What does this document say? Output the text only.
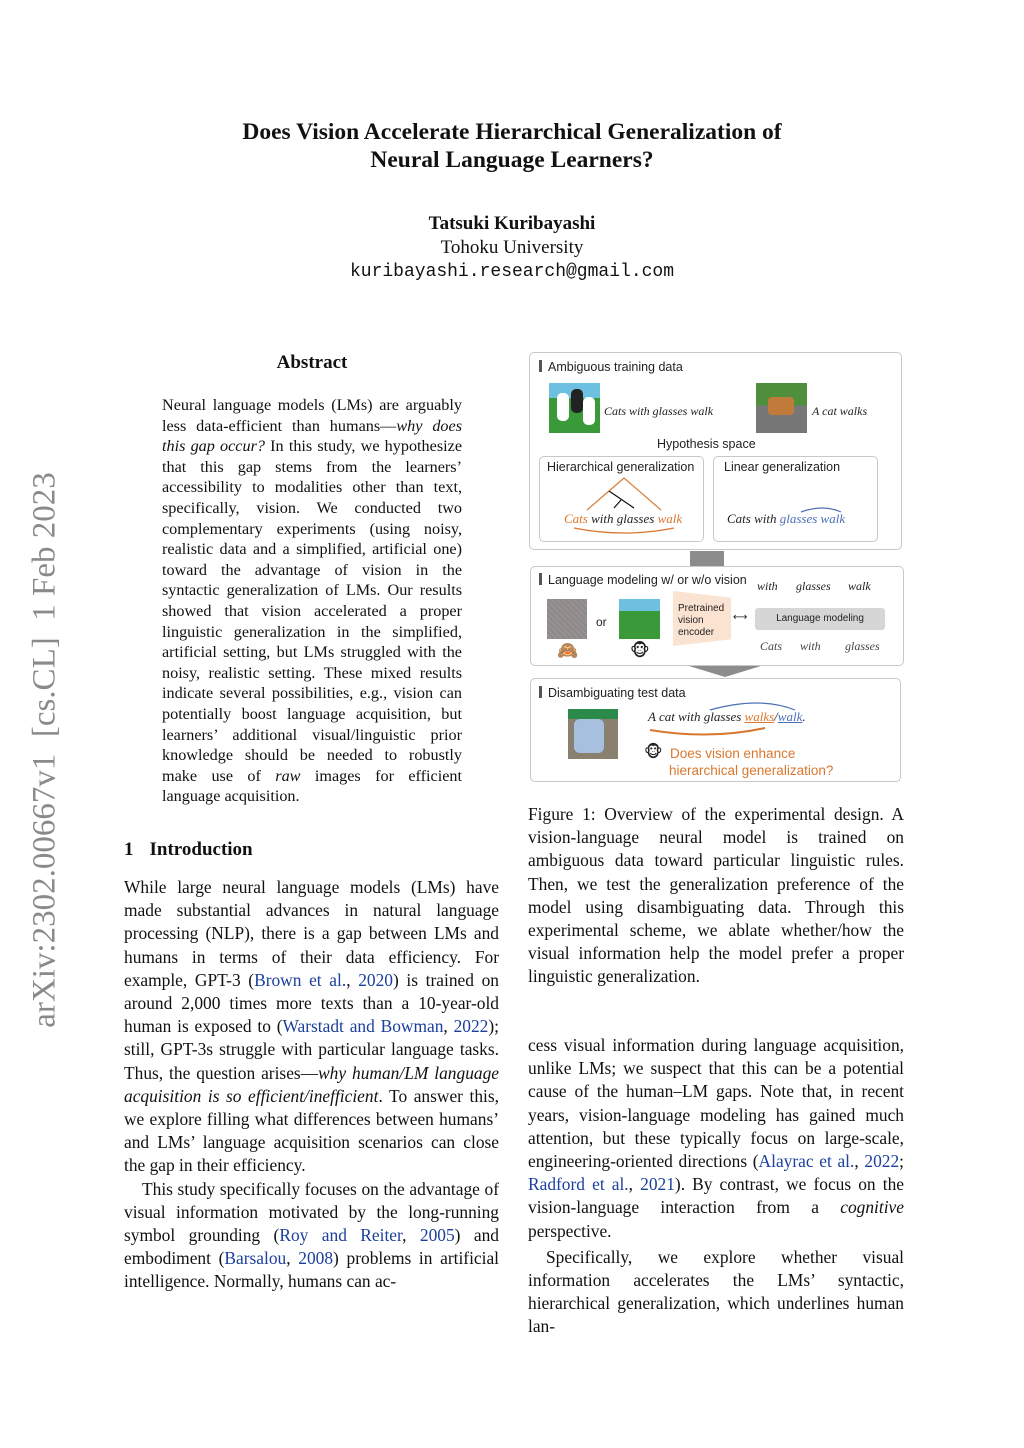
arXiv:2302.00667v1  [cs.CL]  1 Feb 2023
Does Vision Accelerate Hierarchical Generalization of
Neural Language Learners?
Tatsuki Kuribayashi
Tohoku University
kuribayashi.research@gmail.com
Abstract
Neural language models (LMs) are arguably less data-efficient than humans—why does this gap occur? In this study, we hypothesize that this gap stems from the learners’ accessibility to modalities other than text, specifically, vision. We conducted two complementary experiments (using noisy, realistic data and a simplified, artificial one) toward the advantage of vision in the syntactic generalization of LMs. Our results showed that vision accelerated a proper linguistic generalization in the simplified, artificial setting, but LMs struggled with the noisy, realistic setting. These mixed results indicate several possibilities, e.g., vision can potentially boost language acquisition, but learners’ additional visual/linguistic prior knowledge should be needed to robustly make use of raw images for efficient language acquisition.
1 Introduction

While large neural language models (LMs) have made substantial advances in natural language processing (NLP), there is a gap between LMs and humans in terms of their data efficiency. For example, GPT-3 (Brown et al., 2020) is trained on around 2,000 times more texts than a 10-year-old human is exposed to (Warstadt and Bowman, 2022); still, GPT-3s struggle with particular language tasks. Thus, the question arises—why human/LM language acquisition is so efficient/inefficient. To answer this, we explore filling what differences between humans’ and LMs’ language acquisition scenarios can close the gap in their efficiency.

This study specifically focuses on the advantage of visual information motivated by the long-running symbol grounding (Roy and Reiter, 2005) and embodiment (Barsalou, 2008) problems in artificial intelligence. Normally, humans can ac-

Ambiguous training data
Cats with glasses walk	A cat walks
Hypothesis space
Hierarchical generalization
Cats with glasses walk
Linear generalization
Cats with glasses walk
Language modeling w/ or w/o vision
or
🙈	🐵
Pretrained vision encoder
⟷	Language modeling
with glasses walk
Cats with glasses
Disambiguating test data
A cat with glasses walks/walk.
🐵 Does vision enhance hierarchical generalization?
Figure 1: Overview of the experimental design. A vision-language neural model is trained on ambiguous data toward particular linguistic rules. Then, we test the generalization preference of the model using disambiguating data. Through this experimental scheme, we ablate whether/how the visual information help the model prefer a proper linguistic generalization.

cess visual information during language acquisition, unlike LMs; we suspect that this can be a potential cause of the human–LM gaps. Note that, in recent years, vision-language modeling has gained much attention, but these typically focus on large-scale, engineering-oriented directions (Alayrac et al., 2022; Radford et al., 2021). By contrast, we focus on the vision-language interaction from a cognitive perspective.

Specifically, we explore whether visual information accelerates the LMs’ syntactic, hierarchical generalization, which underlines human lan-
